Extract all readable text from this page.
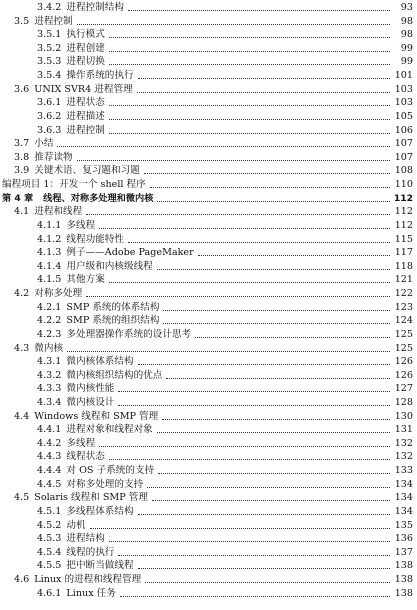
3.4.2 进程控制结构	93
3.5 进程控制	98
3.5.1 执行模式	98
3.5.2 进程创建	99
3.5.3 进程切换	99
3.5.4 操作系统的执行	101
3.6 UNIX SVR4 进程管理	103
3.6.1 进程状态	103
3.6.2 进程描述	105
3.6.3 进程控制	106
3.7 小结	107
3.8 推荐读物	107
3.9 关键术语、复习题和习题	108
编程项目 1：开发一个 shell 程序	110
第 4 章	线程、对称多处理和微内核	112
4.1 进程和线程	112
4.1.1 多线程	112
4.1.2 线程功能特性	115
4.1.3 例子——Adobe PageMaker	117
4.1.4 用户级和内核级线程	118
4.1.5 其他方案	121
4.2 对称多处理	122
4.2.1 SMP 系统的体系结构	123
4.2.2 SMP 系统的组织结构	124
4.2.3 多处理器操作系统的设计思考	125
4.3 微内核	125
4.3.1 微内核体系结构	126
4.3.2 微内核组织结构的优点	126
4.3.3 微内核性能	127
4.3.4 微内核设计	128
4.4 Windows 线程和 SMP 管理	130
4.4.1 进程对象和线程对象	131
4.4.2 多线程	132
4.4.3 线程状态	132
4.4.4 对 OS 子系统的支持	133
4.4.5 对称多处理的支持	134
4.5 Solaris 线程和 SMP 管理	134
4.5.1 多线程体系结构	134
4.5.2 动机	135
4.5.3 进程结构	136
4.5.4 线程的执行	137
4.5.5 把中断当做线程	138
4.6 Linux 的进程和线程管理	138
4.6.1 Linux 任务	138
